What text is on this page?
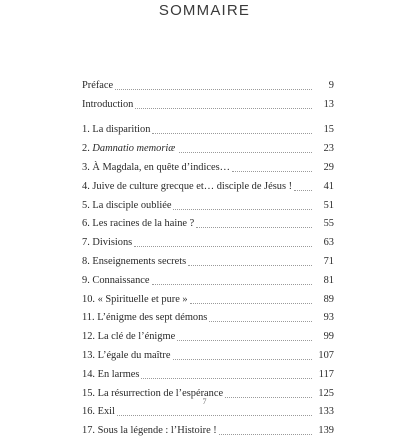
SOMMAIRE
Préface	9
Introduction	13
1. La disparition	15
2. Damnatio memoriæ	23
3. À Magdala, en quête d’indices…	29
4. Juive de culture grecque et… disciple de Jésus !	41
5. La disciple oubliée	51
6. Les racines de la haine ?	55
7. Divisions	63
8. Enseignements secrets	71
9. Connaissance	81
10. « Spirituelle et pure »	89
11. L’énigme des sept démons	93
12. La clé de l’énigme	99
13. L’égale du maître	107
14. En larmes	117
15. La résurrection de l’espérance	125
16. Exil	133
17. Sous la légende : l’Histoire !	139
7
